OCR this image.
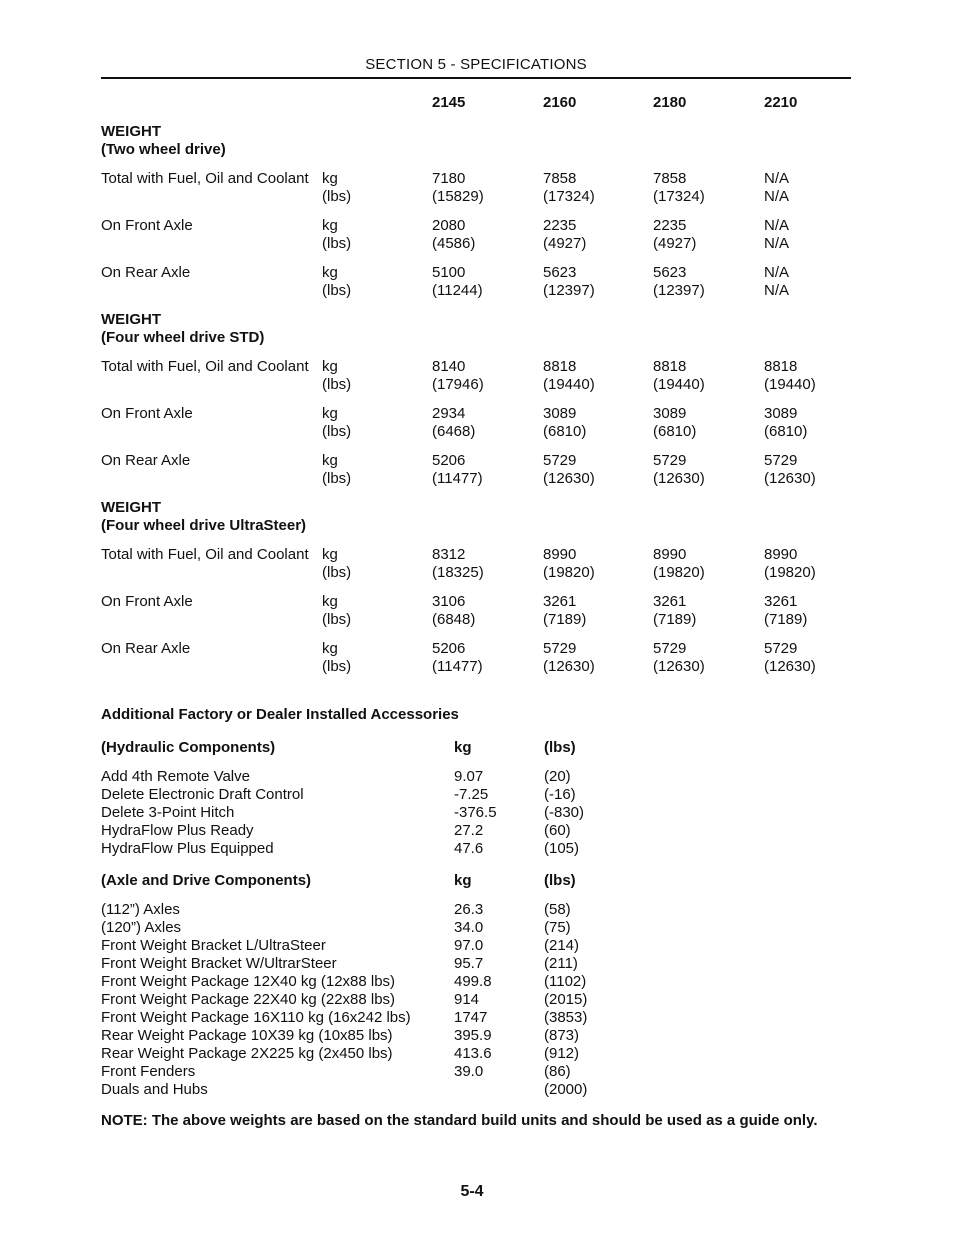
SECTION 5 - SPECIFICATIONS
2145	2160	2180	2210
WEIGHT
(Two wheel drive)
Total with Fuel, Oil and Coolant kg	7180	7858	7858	N/A
(lbs)	(15829)	(17324)	(17324)	N/A
On Front Axle	kg	2080	2235	2235	N/A
(lbs)	(4586)	(4927)	(4927)	N/A
On Rear Axle	kg	5100	5623	5623	N/A
(lbs)	(11244)	(12397)	(12397)	N/A
WEIGHT
(Four wheel drive STD)
Total with Fuel, Oil and Coolant kg	8140	8818	8818	8818
(lbs)	(17946)	(19440)	(19440)	(19440)
On Front Axle	kg	2934	3089	3089	3089
(lbs)	(6468)	(6810)	(6810)	(6810)
On Rear Axle	kg	5206	5729	5729	5729
(lbs)	(11477)	(12630)	(12630)	(12630)
WEIGHT
(Four wheel drive UltraSteer)
Total with Fuel, Oil and Coolant kg	8312	8990	8990	8990
(lbs)	(18325)	(19820)	(19820)	(19820)
On Front Axle	kg	3106	3261	3261	3261
(lbs)	(6848)	(7189)	(7189)	(7189)
On Rear Axle	kg	5206	5729	5729	5729
(lbs)	(11477)	(12630)	(12630)	(12630)
Additional Factory or Dealer Installed Accessories
(Hydraulic Components)	kg	(lbs)
Add 4th Remote Valve	9.07	(20)
Delete Electronic Draft Control	-7.25	(-16)
Delete 3-Point Hitch	-376.5	(-830)
HydraFlow Plus Ready	27.2	(60)
HydraFlow Plus Equipped	47.6	(105)
(Axle and Drive Components)	kg	(lbs)
(112”) Axles	26.3	(58)
(120”) Axles	34.0	(75)
Front Weight Bracket L/UltraSteer	97.0	(214)
Front Weight Bracket W/UltrarSteer	95.7	(211)
Front Weight Package 12X40 kg (12x88 lbs)	499.8	(1102)
Front Weight Package 22X40 kg (22x88 lbs)	914	(2015)
Front Weight Package 16X110 kg (16x242 lbs)	1747	(3853)
Rear Weight Package 10X39 kg (10x85 lbs)	395.9	(873)
Rear Weight Package 2X225 kg (2x450 lbs)	413.6	(912)
Front Fenders	39.0	(86)
Duals and Hubs	(2000)
NOTE: The above weights are based on the standard build units and should be used as a guide only.
5-4
